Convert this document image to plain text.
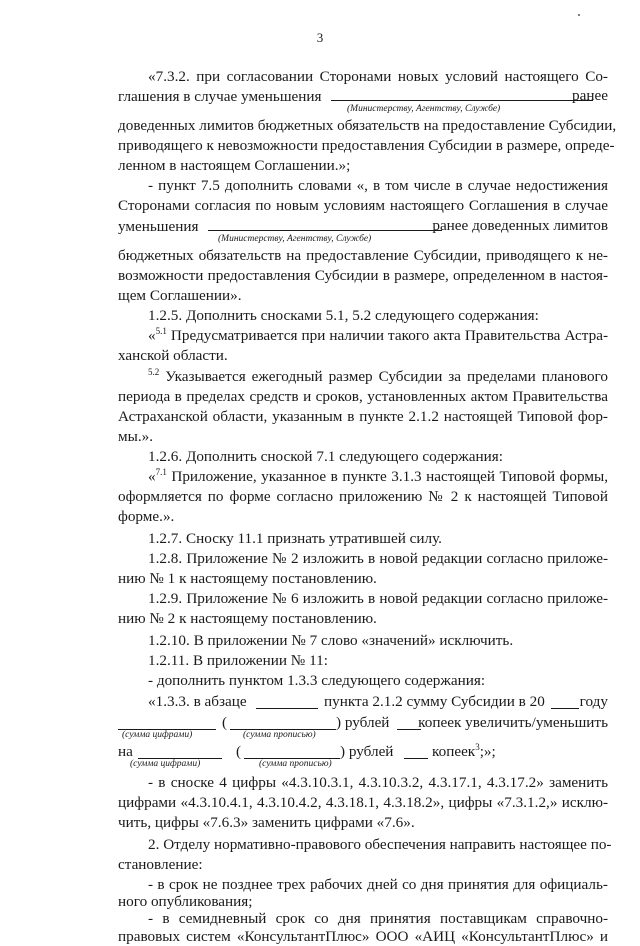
3
«7.3.2. при согласовании Сторонами новых условий настоящего Со-
глашения в случае уменьшения	ранее
(Министерству, Агентству, Службе)
доведенных лимитов бюджетных обязательств на предоставление Субсидии,
приводящего к невозможности предоставления Субсидии в размере, опреде-
ленном в настоящем Соглашении.»;
- пункт 7.5 дополнить словами «, в том числе в случае недостижения
Сторонами согласия по новым условиям настоящего Соглашения в случае
уменьшения	ранее доведенных лимитов
(Министерству, Агентству, Службе)
бюджетных обязательств на предоставление Субсидии, приводящего к не-
возможности предоставления Субсидии в размере, определенном в настоя-
щем Соглашении».
1.2.5. Дополнить сносками 5.1, 5.2 следующего содержания:
«$^{5.1}$ Предусматривается при наличии такого акта Правительства Астра-
ханской области.
$^{5.2}$ Указывается ежегодный размер Субсидии за пределами планового
периода в пределах средств и сроков, установленных актом Правительства
Астраханской области, указанным в пункте 2.1.2 настоящей Типовой фор-
мы.».
1.2.6. Дополнить сноской 7.1 следующего содержания:
«$^{7.1}$ Приложение, указанное в пункте 3.1.3 настоящей Типовой формы,
оформляется по форме согласно приложению № 2 к настоящей Типовой
форме.».
1.2.7. Сноску 11.1 признать утратившей силу.
1.2.8. Приложение № 2 изложить в новой редакции согласно приложе-
нию № 1 к настоящему постановлению.
1.2.9. Приложение № 6 изложить в новой редакции согласно приложе-
нию № 2 к настоящему постановлению.
1.2.10. В приложении № 7 слово «значений» исключить.
1.2.11. В приложении № 11:
- дополнить пунктом 1.3.3 следующего содержания:
«1.3.3. в абзаце	пункта 2.1.2 сумму Субсидии в 20 году
(	) рублей копеек увеличить/уменьшить
(сумма цифрами)	(сумма прописью)
на	(	) рублей	копеек$^3$;»;
(сумма цифрами)	(сумма прописью)
- в сноске 4 цифры «4.3.10.3.1, 4.3.10.3.2, 4.3.17.1, 4.3.17.2» заменить
цифрами «4.3.10.4.1, 4.3.10.4.2, 4.3.18.1, 4.3.18.2», цифры «7.3.1.2,» исклю-
чить, цифры «7.6.3» заменить цифрами «7.6».
2. Отделу нормативно-правового обеспечения направить настоящее по-
становление:
- в срок не позднее трех рабочих дней со дня принятия для официаль-
ного опубликования;
- в семидневный срок со дня принятия поставщикам справочно-
правовых систем «КонсультантПлюс» ООО «АИЦ «КонсультантПлюс» и
